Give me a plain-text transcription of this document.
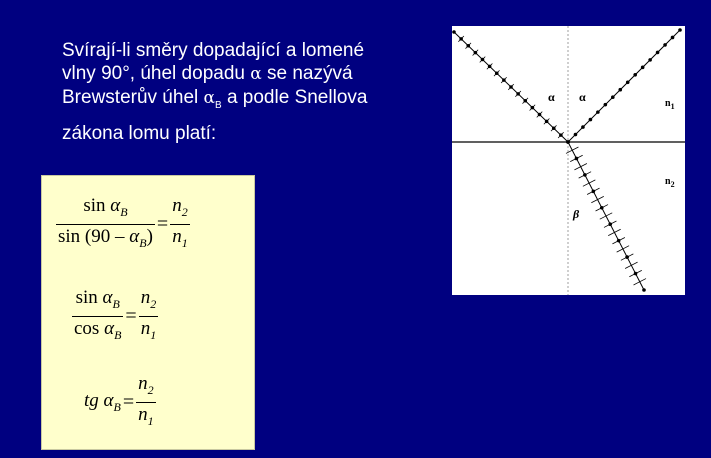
Svírají-li směry dopadající a lomené
vlny 90°, úhel dopadu α se nazývá
Brewsterův úhel $\alpha_B$ a podle Snellova
zákona lomu platí:
$\frac{\sin \alpha_B}{\sin (90 - \alpha_B)} = \frac{n_2}{n_1}$
$\frac{\sin \alpha_B}{\cos \alpha_B} = \frac{n_2}{n_1}$
tg $\alpha_B = \frac{n_2}{n_1}$
α α
β
$n_1$
$n_2$
